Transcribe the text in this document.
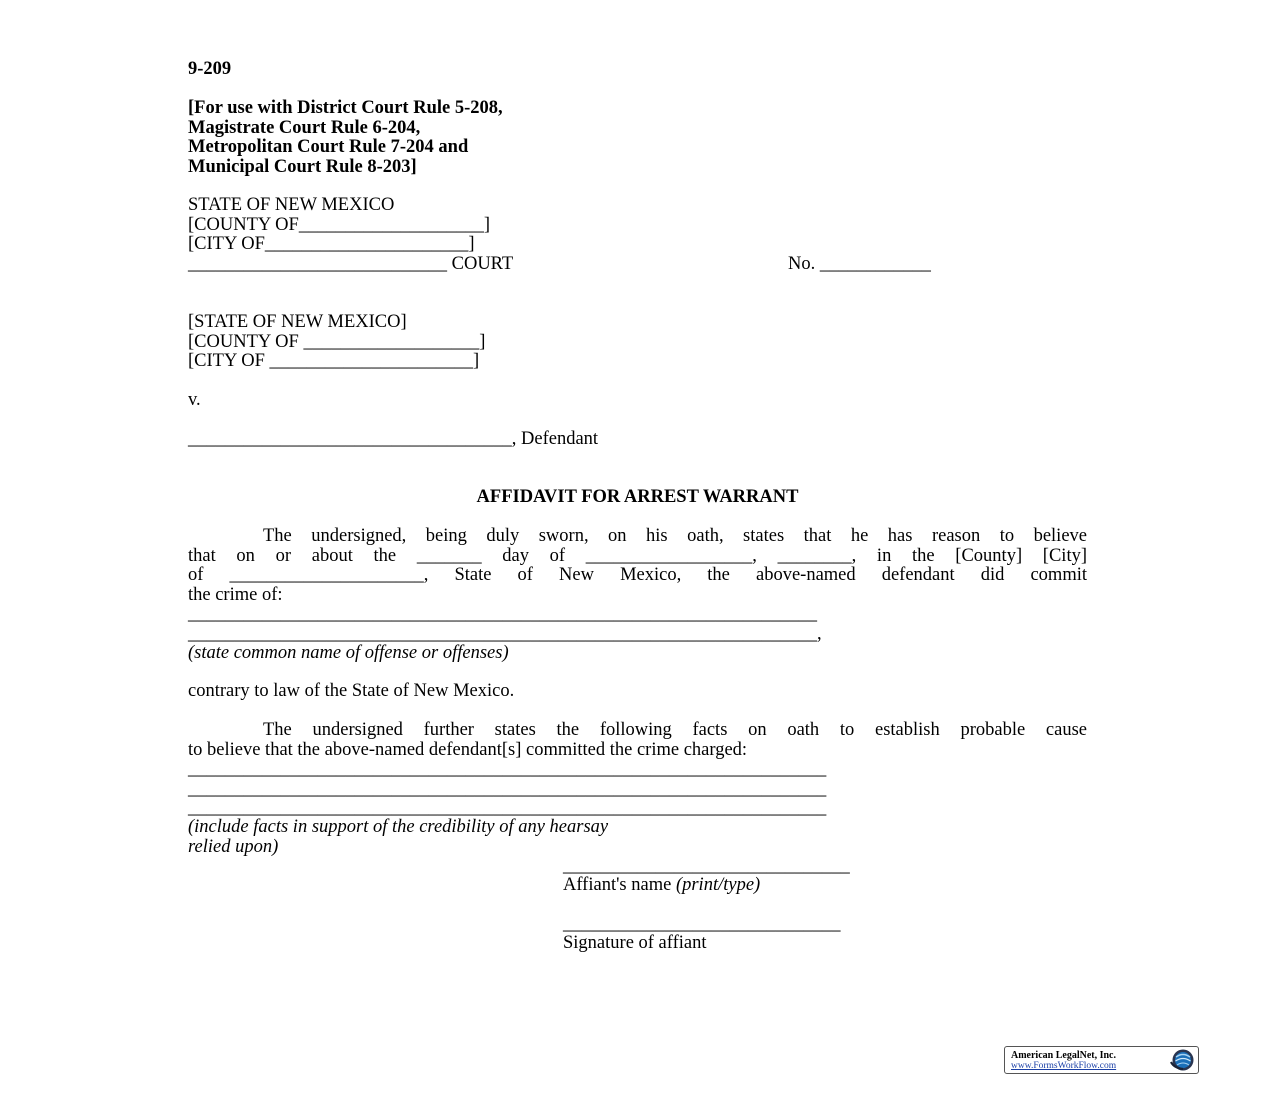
9-209
[For use with District Court Rule 5-208,
Magistrate Court Rule 6-204,
Metropolitan Court Rule 7-204 and
Municipal Court Rule 8-203]
STATE OF NEW MEXICO
[COUNTY OF____________________]
[CITY OF______________________]
____________________________ COURT	No. ____________
[STATE OF NEW MEXICO]
[COUNTY OF ___________________]
[CITY OF ______________________]
v.
___________________________________, Defendant
AFFIDAVIT FOR ARREST WARRANT
The undersigned, being duly sworn, on his oath, states that he has reason to believe
that on or about the _______ day of __________________, ________, in the [County] [City]
of _____________________, State of New Mexico, the above-named defendant did commit
the crime of:
____________________________________________________________________
____________________________________________________________________,
(state common name of offense or offenses)
contrary to law of the State of New Mexico.
The undersigned further states the following facts on oath to establish probable cause
to believe that the above-named defendant[s] committed the crime charged:
_____________________________________________________________________
_____________________________________________________________________
_____________________________________________________________________
(include facts in support of the credibility of any hearsay
relied upon)
_______________________________
Affiant's name (print/type)
______________________________
Signature of affiant
American LegalNet, Inc.
www.FormsWorkFlow.com
